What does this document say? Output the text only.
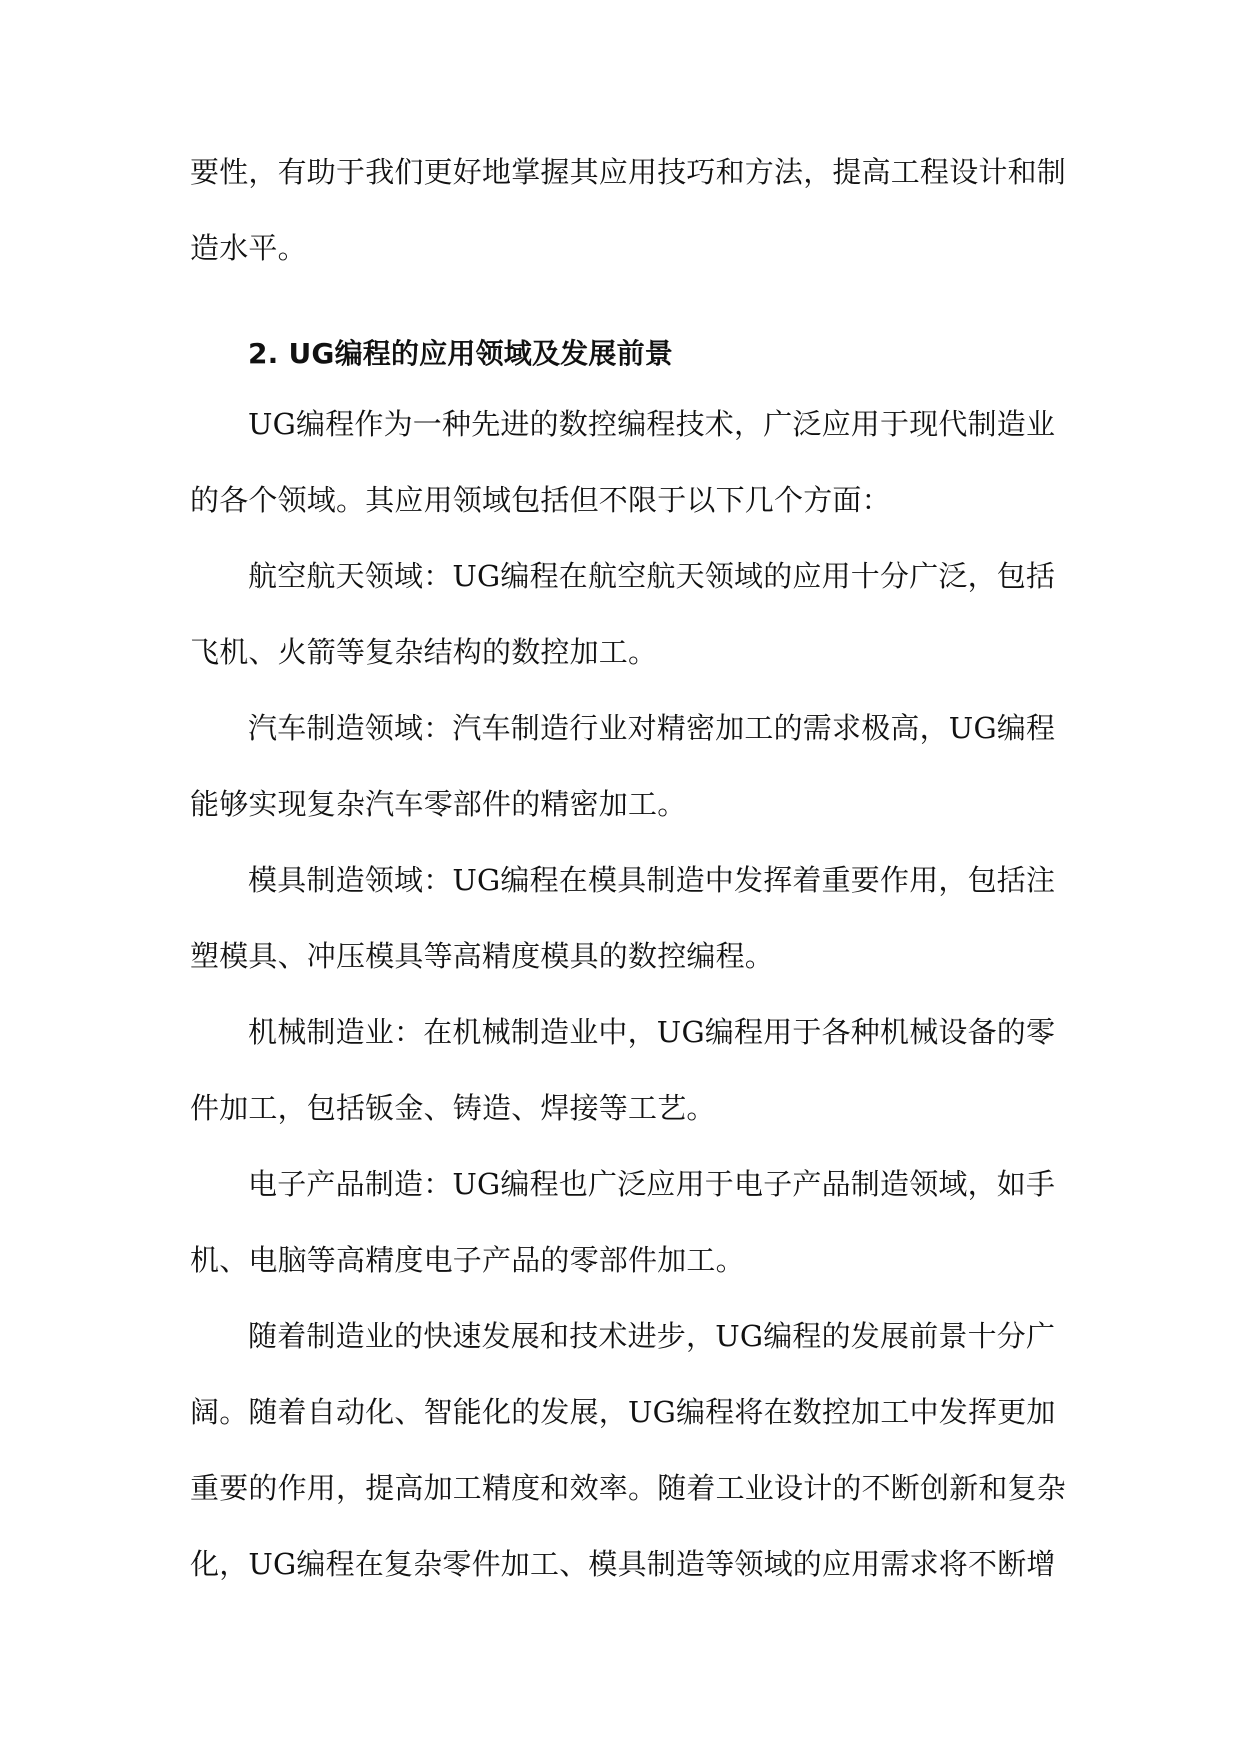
要性，有助于我们更好地掌握其应用技巧和方法，提高工程设计和制
造水平。
2. UG编程的应用领域及发展前景
UG编程作为一种先进的数控编程技术，广泛应用于现代制造业
的各个领域。其应用领域包括但不限于以下几个方面：
航空航天领域：UG编程在航空航天领域的应用十分广泛，包括
飞机、火箭等复杂结构的数控加工。
汽车制造领域：汽车制造行业对精密加工的需求极高，UG编程
能够实现复杂汽车零部件的精密加工。
模具制造领域：UG编程在模具制造中发挥着重要作用，包括注
塑模具、冲压模具等高精度模具的数控编程。
机械制造业：在机械制造业中，UG编程用于各种机械设备的零
件加工，包括钣金、铸造、焊接等工艺。
电子产品制造：UG编程也广泛应用于电子产品制造领域，如手
机、电脑等高精度电子产品的零部件加工。
随着制造业的快速发展和技术进步，UG编程的发展前景十分广
阔。随着自动化、智能化的发展，UG编程将在数控加工中发挥更加
重要的作用，提高加工精度和效率。随着工业设计的不断创新和复杂
化，UG编程在复杂零件加工、模具制造等领域的应用需求将不断增
